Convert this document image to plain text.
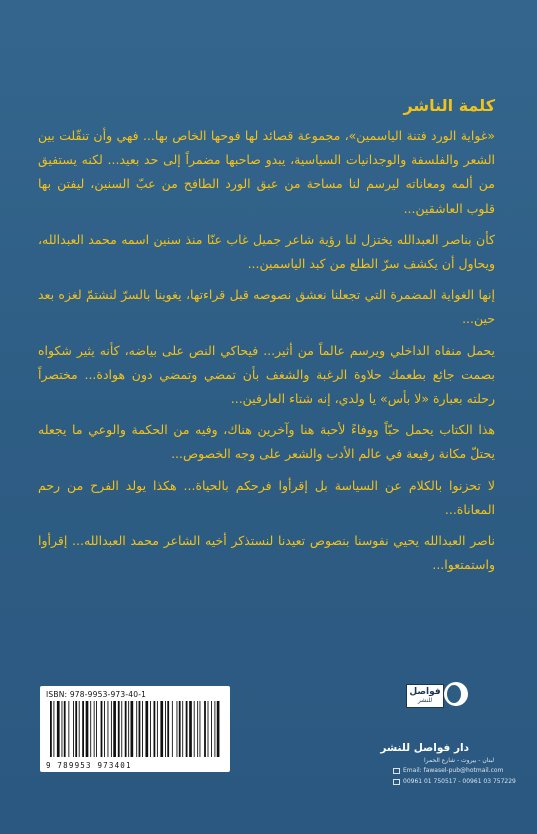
كلمة الناشر

«غواية الورد فتنة الياسمين»، مجموعة قصائد لها فوحها الخاص بها... فهي وأن تنقّلت بين الشعر والفلسفة والوجدانيات السياسية، يبدو صاحبها مضمراً إلى حد بعيد... لكنه يستفيق من ألمه ومعاناته ليرسم لنا مساحة من عبق الورد الطافح من عبّ السنين، ليفتن بها قلوب العاشقين...

كأن بناصر العبدالله يختزل لنا رؤية شاعر جميل غاب عنّا منذ سنين اسمه محمد العبدالله، ويحاول أن يكشف سرّ الطلع من كبد الياسمين...

إنها الغواية المضمرة التي تجعلنا نعشق نصوصه قبل قراءتها، يغوينا بالسرّ لنشتمّ لغزه بعد حين...

يحمل منفاه الداخلي ويرسم عالماً من أثير... فيحاكي النص على بياضه، كأنه يثير شكواه بصمت جائع بطعمك حلاوة الرغبة والشغف بأن تمضي وتمضي دون هوادة... مختصراً رحلته بعبارة «لا بأس» يا ولدي، إنه شتاء العارفين...

هذا الكتاب يحمل حبّاً ووفاءً لأحبة هنا وآخرين هناك، وفيه من الحكمة والوعي ما يجعله يحتلّ مكانة رفيعة في عالم الأدب والشعر على وجه الخصوص...

لا تحزنوا بالكلام عن السياسة بل إقرأوا فرحكم بالحياة... هكذا يولد الفرح من رحم المعاناة...

ناصر العبدالله يحيي نفوسنا بنصوص تعيدنا لنستذكر أخيه الشاعر محمد العبدالله... إقرأوا واستمتعوا...

ISBN: 978-9953-973-40-1
9 789953 973401
فواصل
للنشر
دار فواصل للنشر
لبنان - بيروت - شارع الحمرا
Email: fawasel-pub@hotmail.com
00961 01 750517 - 00961 03 757229
